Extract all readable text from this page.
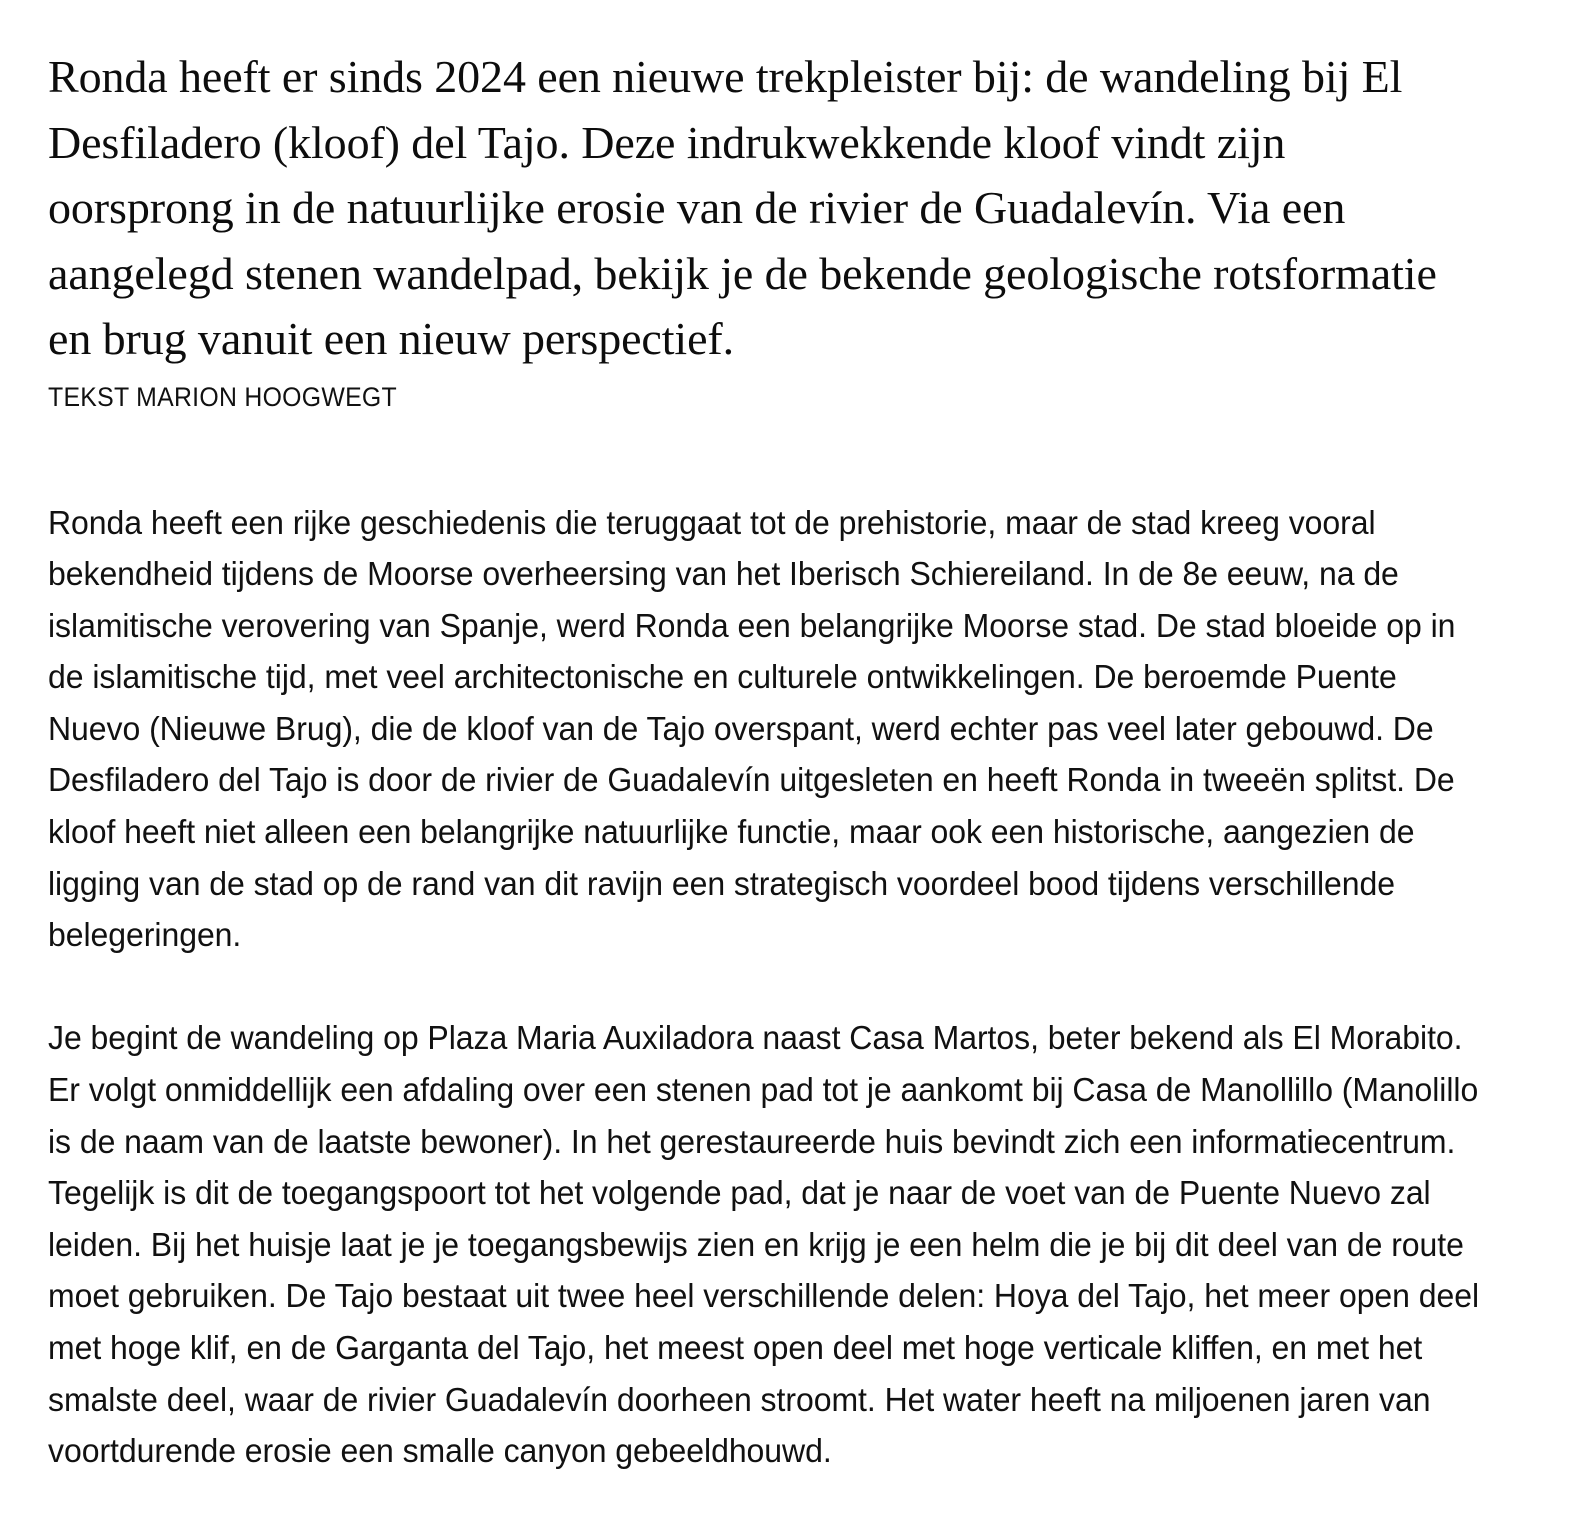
Ronda heeft er sinds 2024 een nieuwe trekpleister bij: de wandeling bij El Desfiladero (kloof) del Tajo. Deze indrukwekkende kloof vindt zijn oorsprong in de natuurlijke erosie van de rivier de Guadalevín. Via een aangelegd stenen wandelpad, bekijk je de bekende geologische rotsformatie en brug vanuit een nieuw perspectief.

TEKST MARION HOOGWEGT

Ronda heeft een rijke geschiedenis die teruggaat tot de prehistorie, maar de stad kreeg vooral bekendheid tijdens de Moorse overheersing van het Iberisch Schiereiland. In de 8e eeuw, na de islamitische verovering van Spanje, werd Ronda een belangrijke Moorse stad. De stad bloeide op in de islamitische tijd, met veel architectonische en culturele ontwikkelingen. De beroemde Puente Nuevo (Nieuwe Brug), die de kloof van de Tajo overspant, werd echter pas veel later gebouwd. De Desfiladero del Tajo is door de rivier de Guadalevín uitgesleten en heeft Ronda in tweeën splitst. De kloof heeft niet alleen een belangrijke natuurlijke functie, maar ook een historische, aangezien de ligging van de stad op de rand van dit ravijn een strategisch voordeel bood tijdens verschillende belegeringen.

Je begint de wandeling op Plaza Maria Auxiladora naast Casa Martos, beter bekend als El Morabito. Er volgt onmiddellijk een afdaling over een stenen pad tot je aankomt bij Casa de Manollillo (Manolillo is de naam van de laatste bewoner). In het gerestaureerde huis bevindt zich een informatiecentrum. Tegelijk is dit de toegangspoort tot het volgende pad, dat je naar de voet van de Puente Nuevo zal leiden. Bij het huisje laat je je toegangsbewijs zien en krijg je een helm die je bij dit deel van de route moet gebruiken. De Tajo bestaat uit twee heel verschillende delen: Hoya del Tajo, het meer open deel met hoge klif, en de Garganta del Tajo, het meest open deel met hoge verticale kliffen, en met het smalste deel, waar de rivier Guadalevín doorheen stroomt. Het water heeft na miljoenen jaren van voortdurende erosie een smalle canyon gebeeldhouwd.
